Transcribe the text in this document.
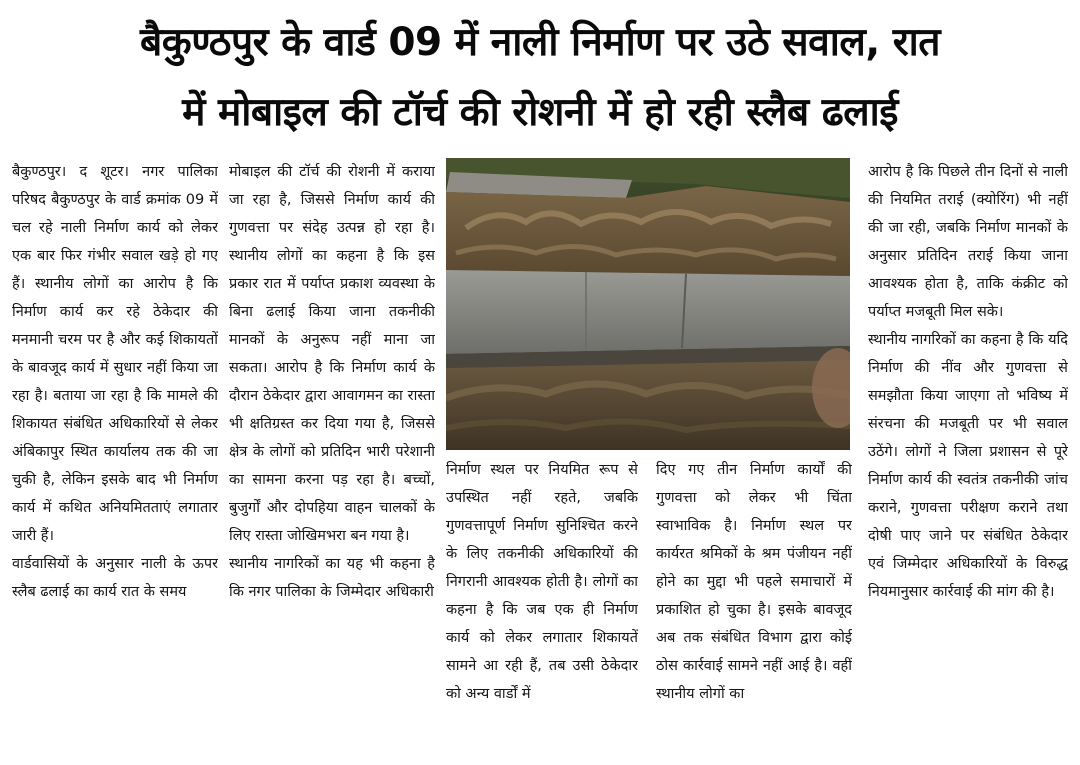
बैकुण्ठपुर के वार्ड 09 में नाली निर्माण पर उठे सवाल, रात
में मोबाइल की टॉर्च की रोशनी में हो रही स्लैब ढलाई

बैकुण्ठपुर। द शूटर। नगर पालिका परिषद बैकुण्ठपुर के वार्ड क्रमांक 09 में चल रहे नाली निर्माण कार्य को लेकर एक बार फिर गंभीर सवाल खड़े हो गए हैं। स्थानीय लोगों का आरोप है कि निर्माण कार्य कर रहे ठेकेदार की मनमानी चरम पर है और कई शिकायतों के बावजूद कार्य में सुधार नहीं किया जा रहा है। बताया जा रहा है कि मामले की शिकायत संबंधित अधिकारियों से लेकर अंबिकापुर स्थित कार्यालय तक की जा चुकी है, लेकिन इसके बाद भी निर्माण कार्य में कथित अनियमितताएं लगातार जारी हैं।

वार्डवासियों के अनुसार नाली के ऊपर स्लैब ढलाई का कार्य रात के समय

मोबाइल की टॉर्च की रोशनी में कराया जा रहा है, जिससे निर्माण कार्य की गुणवत्ता पर संदेह उत्पन्न हो रहा है। स्थानीय लोगों का कहना है कि इस प्रकार रात में पर्याप्त प्रकाश व्यवस्था के बिना ढलाई किया जाना तकनीकी मानकों के अनुरूप नहीं माना जा सकता। आरोप है कि निर्माण कार्य के दौरान ठेकेदार द्वारा आवागमन का रास्ता भी क्षतिग्रस्त कर दिया गया है, जिससे क्षेत्र के लोगों को प्रतिदिन भारी परेशानी का सामना करना पड़ रहा है। बच्चों, बुजुर्गों और दोपहिया वाहन चालकों के लिए रास्ता जोखिमभरा बन गया है।

स्थानीय नागरिकों का यह भी कहना है कि नगर पालिका के जिम्मेदार अधिकारी

निर्माण स्थल पर नियमित रूप से उपस्थित नहीं रहते, जबकि गुणवत्तापूर्ण निर्माण सुनिश्चित करने के लिए तकनीकी अधिकारियों की निगरानी आवश्यक होती है। लोगों का कहना है कि जब एक ही निर्माण कार्य को लेकर लगातार शिकायतें सामने आ रही हैं, तब उसी ठेकेदार को अन्य वार्डों में

दिए गए तीन निर्माण कार्यों की गुणवत्ता को लेकर भी चिंता स्वाभाविक है। निर्माण स्थल पर कार्यरत श्रमिकों के श्रम पंजीयन नहीं होने का मुद्दा भी पहले समाचारों में प्रकाशित हो चुका है। इसके बावजूद अब तक संबंधित विभाग द्वारा कोई ठोस कार्रवाई सामने नहीं आई है। वहीं स्थानीय लोगों का

आरोप है कि पिछले तीन दिनों से नाली की नियमित तराई (क्योरिंग) भी नहीं की जा रही, जबकि निर्माण मानकों के अनुसार प्रतिदिन तराई किया जाना आवश्यक होता है, ताकि कंक्रीट को पर्याप्त मजबूती मिल सके।

स्थानीय नागरिकों का कहना है कि यदि निर्माण की नींव और गुणवत्ता से समझौता किया जाएगा तो भविष्य में संरचना की मजबूती पर भी सवाल उठेंगे। लोगों ने जिला प्रशासन से पूरे निर्माण कार्य की स्वतंत्र तकनीकी जांच कराने, गुणवत्ता परीक्षण कराने तथा दोषी पाए जाने पर संबंधित ठेकेदार एवं जिम्मेदार अधिकारियों के विरुद्ध नियमानुसार कार्रवाई की मांग की है।
